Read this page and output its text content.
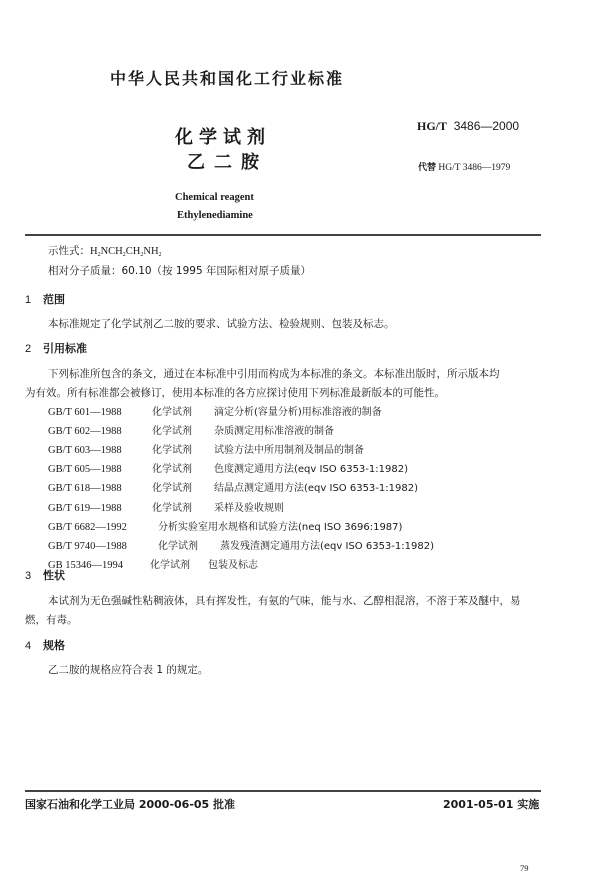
中华人民共和国化工行业标准
化学试剂
乙二胺
Chemical reagent
Ethylenediamine
HG/T 3486—2000
代替 HG/T 3486—1979
示性式：$H_2NCH_2CH_2NH_2$
相对分子质量：60.10（按 1995 年国际相对原子质量）
1 范围
本标准规定了化学试剂乙二胺的要求、试验方法、检验规则、包装及标志。
2 引用标准
下列标准所包含的条文，通过在本标准中引用而构成为本标准的条文。本标准出版时，所示版本均
为有效。所有标准都会被修订，使用本标准的各方应探讨使用下列标准最新版本的可能性。
GB/T 601—1988	化学试剂 滴定分析(容量分析)用标准溶液的制备
GB/T 602—1988	化学试剂 杂质测定用标准溶液的制备
GB/T 603—1988	化学试剂 试验方法中所用制剂及制品的制备
GB/T 605—1988	化学试剂 色度测定通用方法(eqv ISO 6353-1:1982)
GB/T 618—1988	化学试剂 结晶点测定通用方法(eqv ISO 6353-1:1982)
GB/T 619—1988	化学试剂 采样及验收规则
GB/T 6682—1992	分析实验室用水规格和试验方法(neq ISO 3696:1987)
GB/T 9740—1988	化学试剂 蒸发残渣测定通用方法(eqv ISO 6353-1:1982)
GB 15346—1994	化学试剂 包装及标志
3 性状
本试剂为无色强碱性粘稠液体，具有挥发性，有氨的气味，能与水、乙醇相混溶，不溶于苯及醚中，易
燃，有毒。
4 规格
乙二胺的规格应符合表 1 的规定。
国家石油和化学工业局 2000-06-05 批准	2001-05-01 实施
79
